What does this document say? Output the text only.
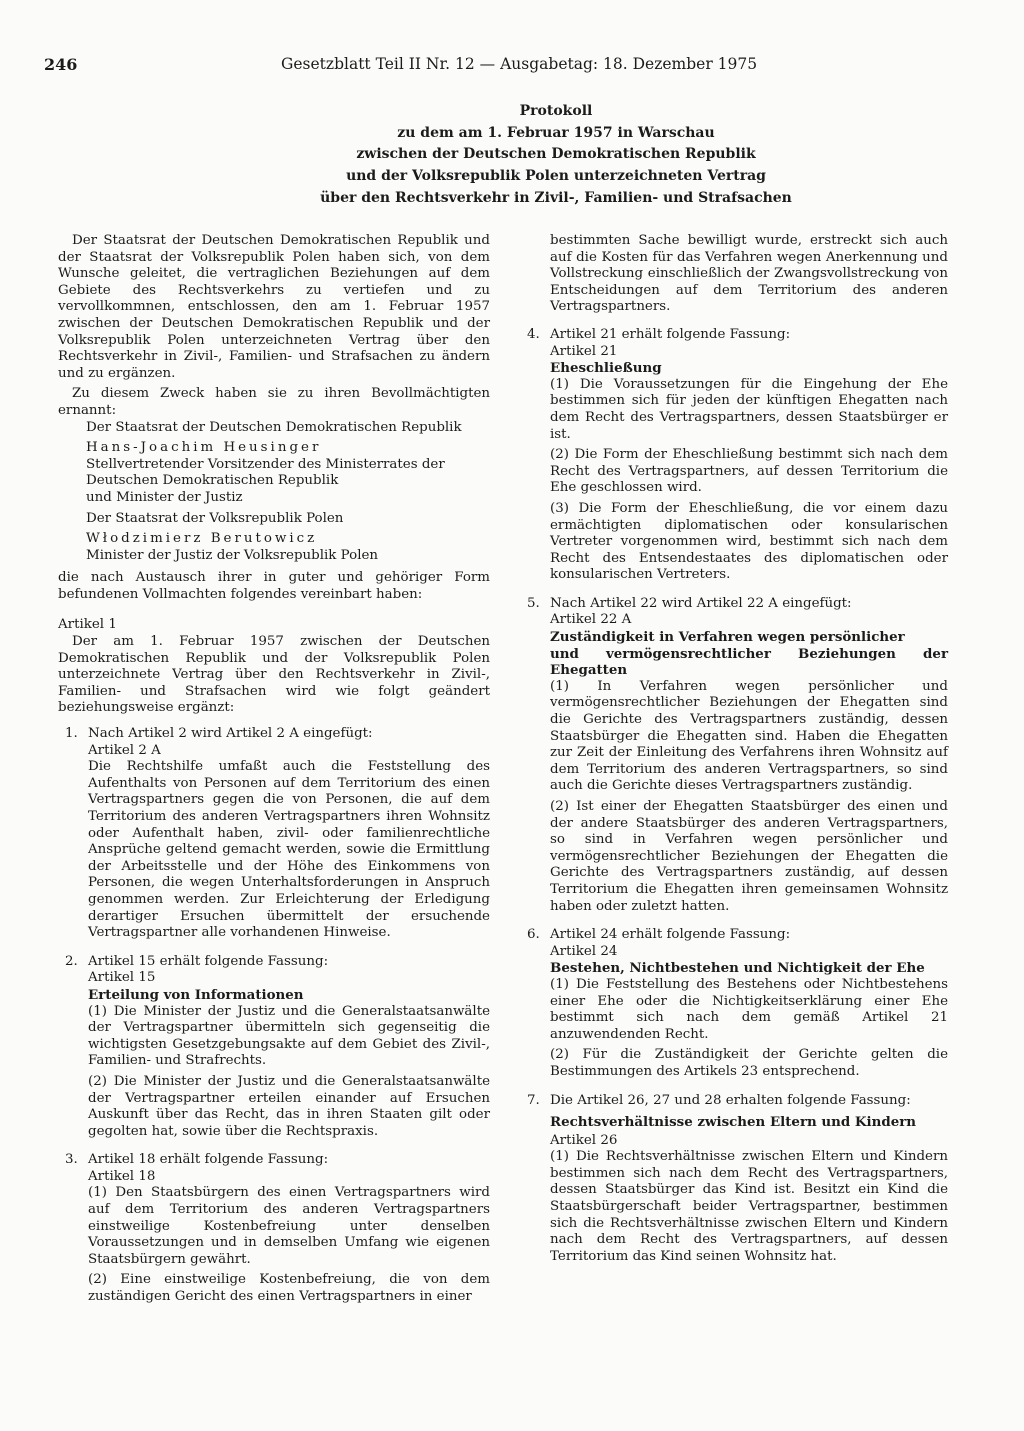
246	Gesetzblatt Teil II Nr. 12 — Ausgabetag: 18. Dezember 1975
Protokoll
zu dem am 1. Februar 1957 in Warschau
zwischen der Deutschen Demokratischen Republik
und der Volksrepublik Polen unterzeichneten Vertrag
über den Rechtsverkehr in Zivil-, Familien- und Strafsachen

Der Staatsrat der Deutschen Demokratischen Republik und der Staatsrat der Volksrepublik Polen haben sich, von dem Wunsche geleitet, die vertraglichen Beziehungen auf dem Gebiete des Rechtsverkehrs zu vertiefen und zu vervollkommnen, entschlossen, den am 1. Februar 1957 zwischen der Deutschen Demokratischen Republik und der Volksrepublik Polen unterzeichneten Vertrag über den Rechtsverkehr in Zivil-, Familien- und Strafsachen zu ändern und zu ergänzen.

Zu diesem Zweck haben sie zu ihren Bevollmächtigten ernannt:

Der Staatsrat der Deutschen Demokratischen Republik

Hans-Joachim Heusinger

Stellvertretender Vorsitzender des Ministerrates der

Deutschen Demokratischen Republik

und Minister der Justiz

Der Staatsrat der Volksrepublik Polen

Włodzimierz Berutowicz

Minister der Justiz der Volksrepublik Polen

die nach Austausch ihrer in guter und gehöriger Form befundenen Vollmachten folgendes vereinbart haben:

Artikel 1

Der am 1. Februar 1957 zwischen der Deutschen Demokratischen Republik und der Volksrepublik Polen unterzeichnete Vertrag über den Rechtsverkehr in Zivil-, Familien- und Strafsachen wird wie folgt geändert beziehungsweise ergänzt:

1. Nach Artikel 2 wird Artikel 2 A eingefügt:

Artikel 2 A

Die Rechtshilfe umfaßt auch die Feststellung des Aufenthalts von Personen auf dem Territorium des einen Vertragspartners gegen die von Personen, die auf dem Territorium des anderen Vertragspartners ihren Wohnsitz oder Aufenthalt haben, zivil- oder familienrechtliche Ansprüche geltend gemacht werden, sowie die Ermittlung der Arbeitsstelle und der Höhe des Einkommens von Personen, die wegen Unterhaltsforderungen in Anspruch genommen werden. Zur Erleichterung der Erledigung derartiger Ersuchen übermittelt der ersuchende Vertragspartner alle vorhandenen Hinweise.

2. Artikel 15 erhält folgende Fassung:

Artikel 15

Erteilung von Informationen

(1) Die Minister der Justiz und die Generalstaatsanwälte der Vertragspartner übermitteln sich gegenseitig die wichtigsten Gesetzgebungsakte auf dem Gebiet des Zivil-, Familien- und Strafrechts.

(2) Die Minister der Justiz und die Generalstaatsanwälte der Vertragspartner erteilen einander auf Ersuchen Auskunft über das Recht, das in ihren Staaten gilt oder gegolten hat, sowie über die Rechtspraxis.

3. Artikel 18 erhält folgende Fassung:

Artikel 18

(1) Den Staatsbürgern des einen Vertragspartners wird auf dem Territorium des anderen Vertragspartners einstweilige Kostenbefreiung unter denselben Voraussetzungen und in demselben Umfang wie eigenen Staatsbürgern gewährt.

(2) Eine einstweilige Kostenbefreiung, die von dem zuständigen Gericht des einen Vertragspartners in einer

bestimmten Sache bewilligt wurde, erstreckt sich auch auf die Kosten für das Verfahren wegen Anerkennung und Vollstreckung einschließlich der Zwangsvollstreckung von Entscheidungen auf dem Territorium des anderen Vertragspartners.

4. Artikel 21 erhält folgende Fassung:

Artikel 21

Eheschließung

(1) Die Voraussetzungen für die Eingehung der Ehe bestimmen sich für jeden der künftigen Ehegatten nach dem Recht des Vertragspartners, dessen Staatsbürger er ist.

(2) Die Form der Eheschließung bestimmt sich nach dem Recht des Vertragspartners, auf dessen Territorium die Ehe geschlossen wird.

(3) Die Form der Eheschließung, die vor einem dazu ermächtigten diplomatischen oder konsularischen Vertreter vorgenommen wird, bestimmt sich nach dem Recht des Entsendestaates des diplomatischen oder konsularischen Vertreters.

5. Nach Artikel 22 wird Artikel 22 A eingefügt:

Artikel 22 A

Zuständigkeit in Verfahren wegen persönlicher

und vermögensrechtlicher Beziehungen der Ehegatten

(1) In Verfahren wegen persönlicher und vermögensrechtlicher Beziehungen der Ehegatten sind die Gerichte des Vertragspartners zuständig, dessen Staatsbürger die Ehegatten sind. Haben die Ehegatten zur Zeit der Einleitung des Verfahrens ihren Wohnsitz auf dem Territorium des anderen Vertragspartners, so sind auch die Gerichte dieses Vertragspartners zuständig.

(2) Ist einer der Ehegatten Staatsbürger des einen und der andere Staatsbürger des anderen Vertragspartners, so sind in Verfahren wegen persönlicher und vermögensrechtlicher Beziehungen der Ehegatten die Gerichte des Vertragspartners zuständig, auf dessen Territorium die Ehegatten ihren gemeinsamen Wohnsitz haben oder zuletzt hatten.

6. Artikel 24 erhält folgende Fassung:

Artikel 24

Bestehen, Nichtbestehen und Nichtigkeit der Ehe

(1) Die Feststellung des Bestehens oder Nichtbestehens einer Ehe oder die Nichtigkeitserklärung einer Ehe bestimmt sich nach dem gemäß Artikel 21 anzuwendenden Recht.

(2) Für die Zuständigkeit der Gerichte gelten die Bestimmungen des Artikels 23 entsprechend.

7. Die Artikel 26, 27 und 28 erhalten folgende Fassung:

Rechtsverhältnisse zwischen Eltern und Kindern

Artikel 26

(1) Die Rechtsverhältnisse zwischen Eltern und Kindern bestimmen sich nach dem Recht des Vertragspartners, dessen Staatsbürger das Kind ist. Besitzt ein Kind die Staatsbürgerschaft beider Vertragspartner, bestimmen sich die Rechtsverhältnisse zwischen Eltern und Kindern nach dem Recht des Vertragspartners, auf dessen Territorium das Kind seinen Wohnsitz hat.
